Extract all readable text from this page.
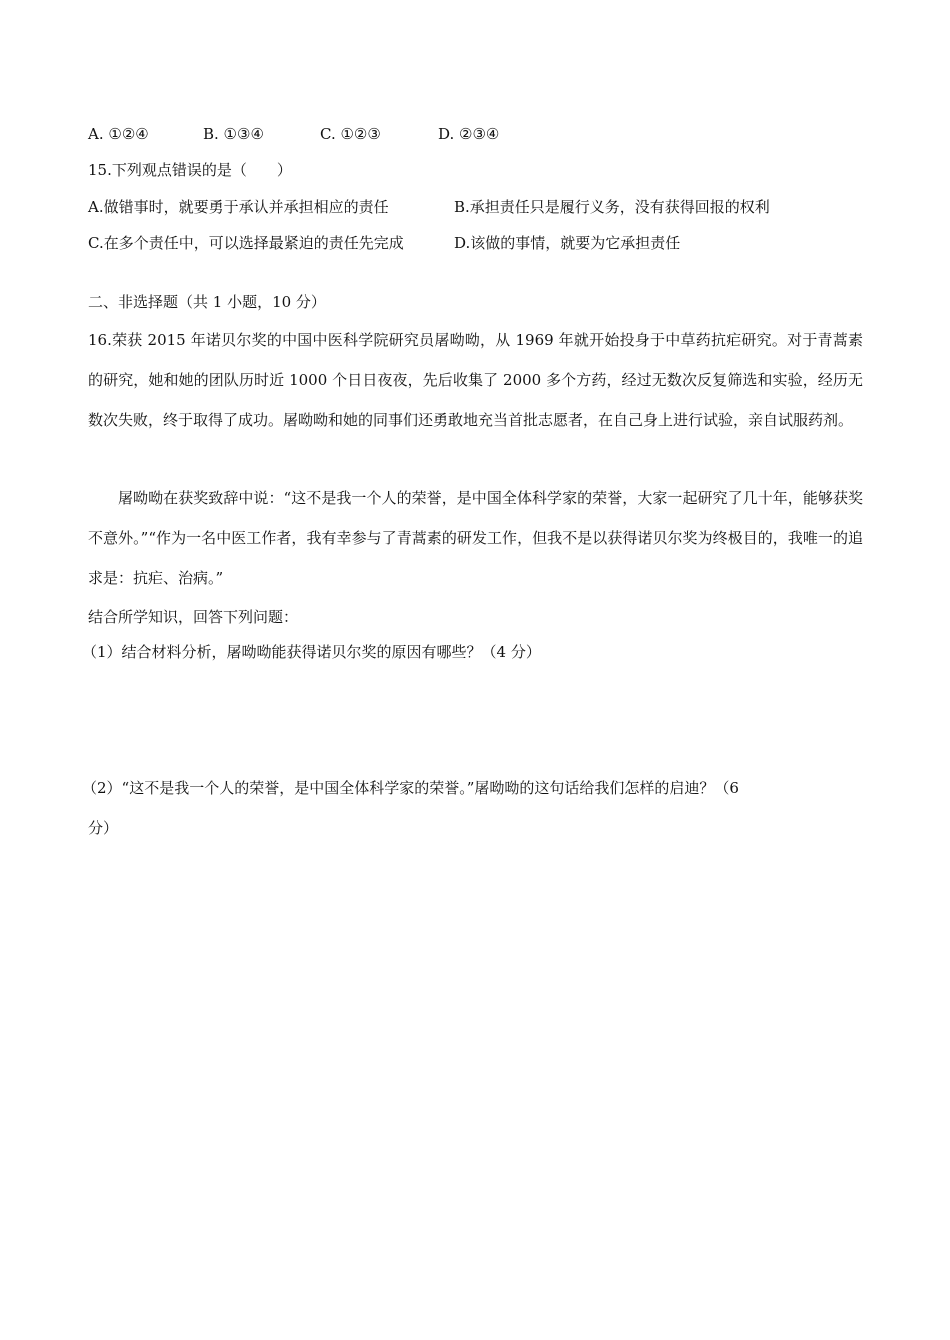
A. ①②④	B. ①③④	C. ①②③	D. ②③④
15.下列观点错误的是（　　）
A.做错事时，就要勇于承认并承担相应的责任	B.承担责任只是履行义务，没有获得回报的权利
C.在多个责任中，可以选择最紧迫的责任先完成	D.该做的事情，就要为它承担责任
二、非选择题（共 1 小题，10 分）
16.荣获 2015 年诺贝尔奖的中国中医科学院研究员屠呦呦，从 1969 年就开始投身于中草药抗疟研究。对于青蒿素的研究，她和她的团队历时近 1000 个日日夜夜，先后收集了 2000 多个方药，经过无数次反复筛选和实验，经历无数次失败，终于取得了成功。屠呦呦和她的同事们还勇敢地充当首批志愿者，在自己身上进行试验，亲自试服药剂。
屠呦呦在获奖致辞中说：“这不是我一个人的荣誉，是中国全体科学家的荣誉，大家一起研究了几十年，能够获奖不意外。”“作为一名中医工作者，我有幸参与了青蒿素的研发工作，但我不是以获得诺贝尔奖为终极目的，我唯一的追求是：抗疟、治病。”
结合所学知识，回答下列问题：
（1）结合材料分析，屠呦呦能获得诺贝尔奖的原因有哪些？（4 分）
（2）“这不是我一个人的荣誉，是中国全体科学家的荣誉。”屠呦呦的这句话给我们怎样的启迪？（6
分）
